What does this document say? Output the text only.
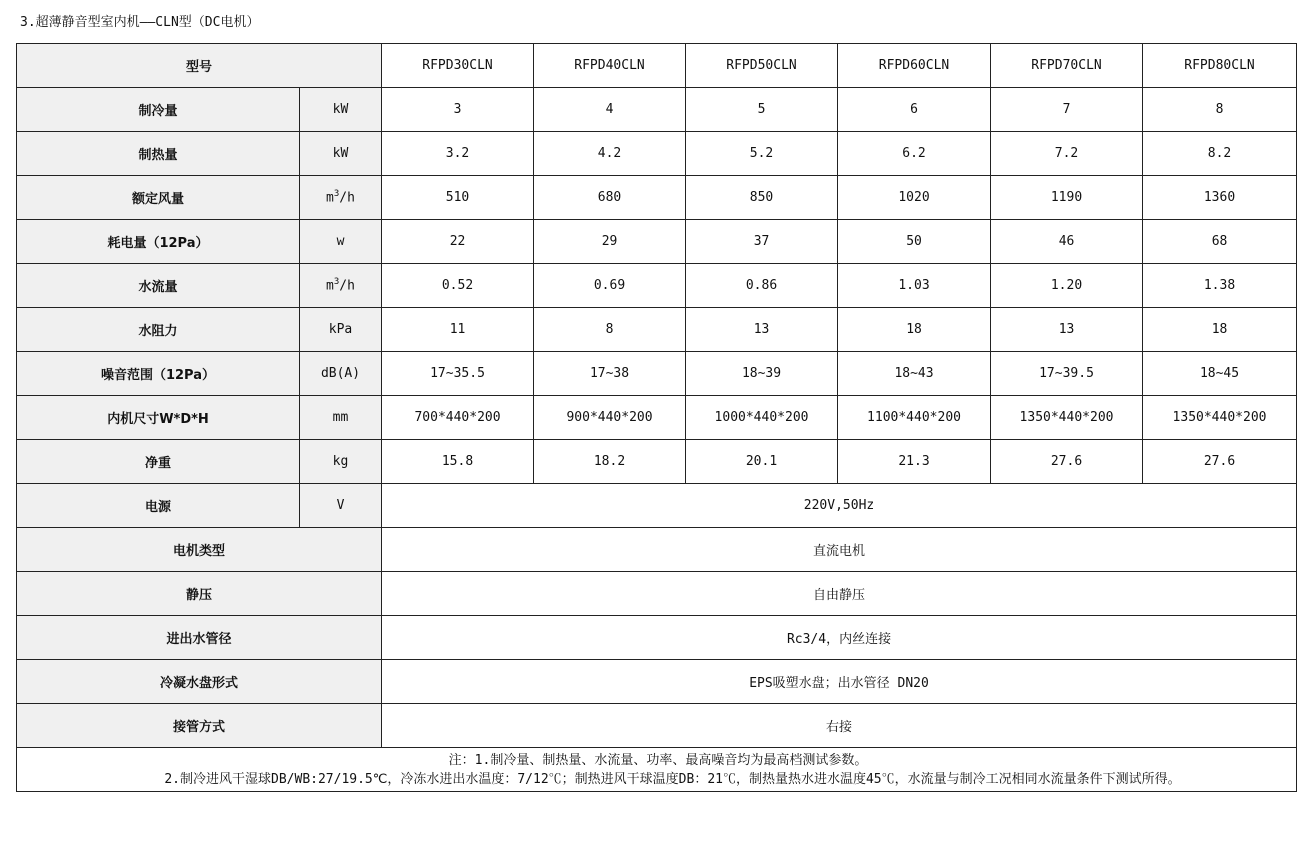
3.超薄静音型室内机——CLN型（DC电机）
型号		RFPD30CLN	RFPD40CLN	RFPD50CLN	RFPD60CLN	RFPD70CLN	RFPD80CLN
制冷量	kW	3	4	5	6	7	8
制热量	kW	3.2	4.2	5.2	6.2	7.2	8.2
额定风量	$m^3/h$	510	680	850	1020	1190	1360
耗电量（12Pa）	w	22	29	37	50	46	68
水流量	$m^3/h$	0.52	0.69	0.86	1.03	1.20	1.38
水阻力	kPa	11	8	13	18	13	18
噪音范围（12Pa）	dB(A)	17~35.5	17~38	18~39	18~43	17~39.5	18~45
内机尺寸W*D*H	mm	700*440*200	900*440*200	1000*440*200	1100*440*200	1350*440*200	1350*440*200
净重	kg	15.8	18.2	20.1	21.3	27.6	27.6
电源	V	220V,50Hz					
电机类型		直流电机					
静压		自由静压					
进出水管径		Rc3/4，内丝连接					
冷凝水盘形式		EPS吸塑水盘；出水管径 DN20					
接管方式		右接					

注：1.制冷量、制热量、水流量、功率、最高噪音均为最高档测试参数。
2.制冷进风干湿球DB/WB:27/19.5℃，冷冻水进出水温度：7/12℃；制热进风干球温度DB：21℃，制热量热水进水温度45℃，水流量与制冷工况相同水流量条件下测试所得。							
